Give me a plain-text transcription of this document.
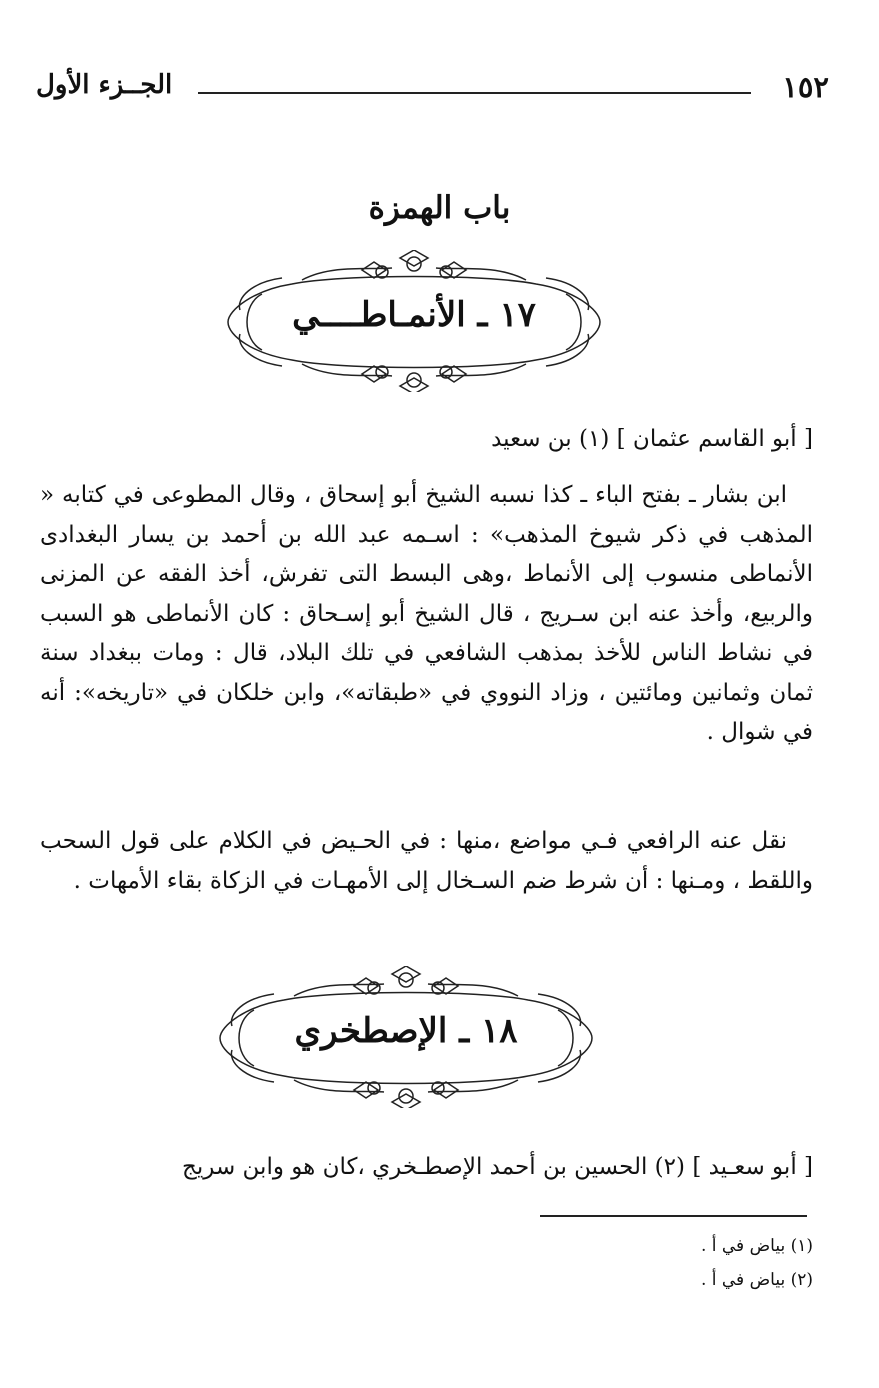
١٥٢
الجــزء الأول
باب الهمزة
١٧ ـ الأنمـاطــــي
[ أبو القاسم عثمان ] (١) بن سعيد
ابن بشار ـ بفتح الباء ـ كذا نسبه الشيخ أبو إسحاق ، وقال المطوعى في كتابه « المذهب في ذكر شيوخ المذهب» : اسـمه عبد الله بن أحمد بن يسار البغدادى الأنماطى منسوب إلى الأنماط ،وهى البسط التى تفرش، أخذ الفقه عن المزنى والربيع، وأخذ عنه ابن سـريج ، قال الشيخ أبو إسـحاق : كان الأنماطى هو السبب في نشاط الناس للأخذ بمذهب الشافعي في تلك البلاد، قال : ومات ببغداد سنة ثمان وثمانين ومائتين ، وزاد النووي في «طبقاته»، وابن خلكان في «تاريخه»: أنه في شوال .
نقل عنه الرافعي فـي مواضع ،منها : في الحـيض في الكلام على قول السحب واللقط ، ومـنها : أن شرط ضم السـخال إلى الأمهـات في الزكاة بقاء الأمهات .
١٨ ـ الإصطخري
[ أبو سعـيد ] (٢) الحسين بن أحمد الإصطـخري ،كان هو وابن سريج
(١) بياض في أ .
(٢) بياض في أ .
